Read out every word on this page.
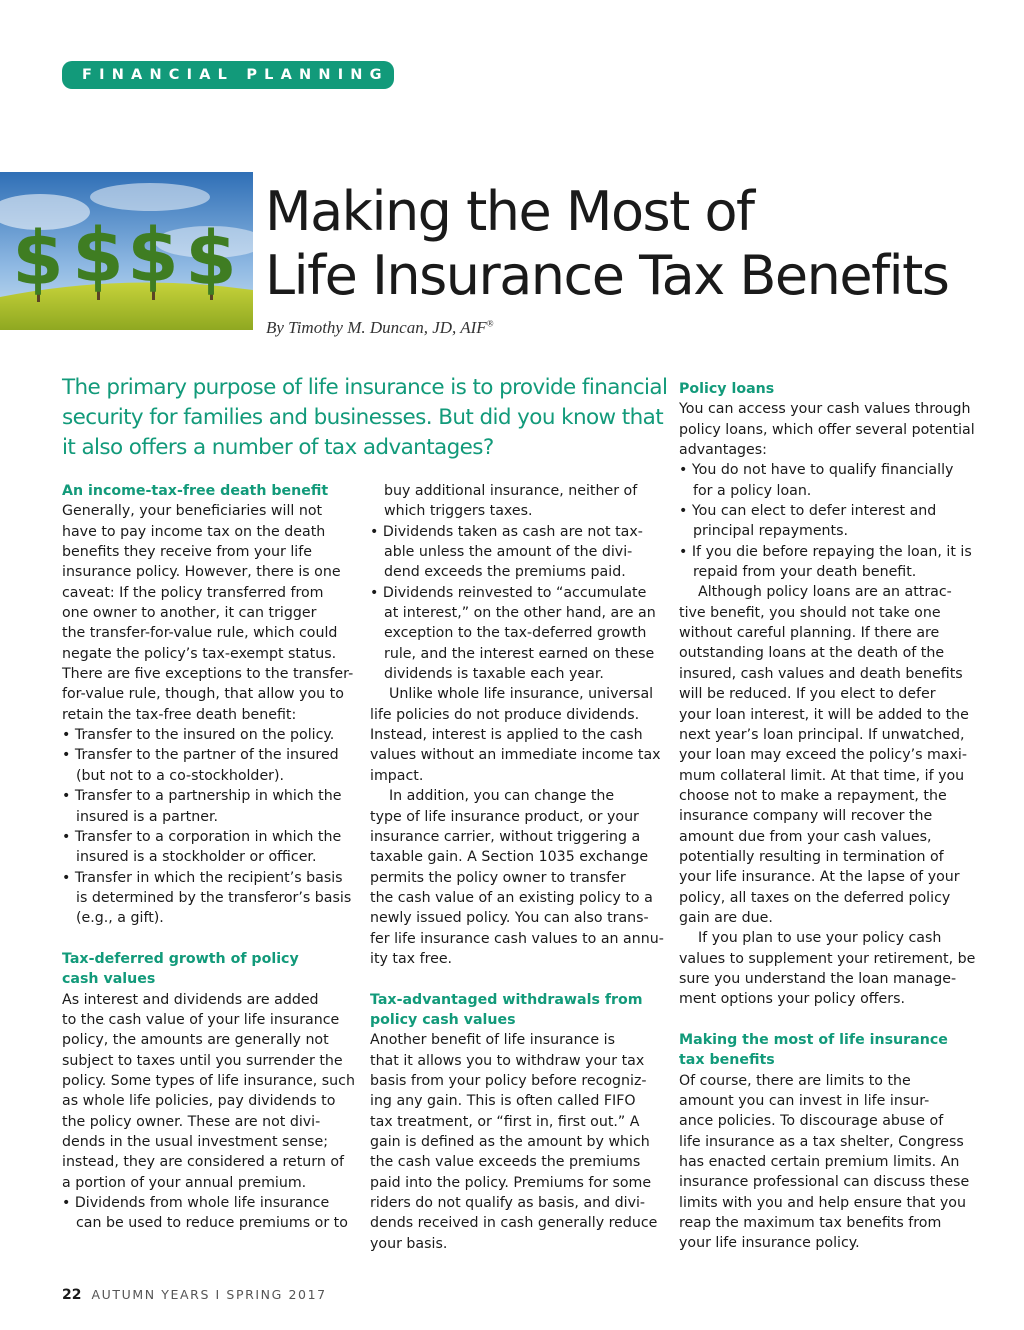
FINANCIAL PLANNING
$ $ $ $
Making the Most of
Life Insurance Tax Benefits
By Timothy M. Duncan, JD, AIF®

The primary purpose of life insurance is to provide financial
security for families and businesses. But did you know that
it also offers a number of tax advantages?

An income-tax-free death benefit
Generally, your beneficiaries will not
have to pay income tax on the death
benefits they receive from your life
insurance policy. However, there is one
caveat: If the policy transferred from
one owner to another, it can trigger
the transfer-for-value rule, which could
negate the policy’s tax-exempt status.
There are five exceptions to the transfer-
for-value rule, though, that allow you to
retain the tax-free death benefit:
• Transfer to the insured on the policy.
• Transfer to the partner of the insured
(but not to a co-stockholder).
• Transfer to a partnership in which the
insured is a partner.
• Transfer to a corporation in which the
insured is a stockholder or officer.
• Transfer in which the recipient’s basis
is determined by the transferor’s basis
(e.g., a gift).
Tax-deferred growth of policy
cash values
As interest and dividends are added
to the cash value of your life insurance
policy, the amounts are generally not
subject to taxes until you surrender the
policy. Some types of life insurance, such
as whole life policies, pay dividends to
the policy owner. These are not divi-
dends in the usual investment sense;
instead, they are considered a return of
a portion of your annual premium.
• Dividends from whole life insurance
can be used to reduce premiums or to
buy additional insurance, neither of
which triggers taxes.
• Dividends taken as cash are not tax-
able unless the amount of the divi-
dend exceeds the premiums paid.
• Dividends reinvested to “accumulate
at interest,” on the other hand, are an
exception to the tax-deferred growth
rule, and the interest earned on these
dividends is taxable each year.
Unlike whole life insurance, universal
life policies do not produce dividends.
Instead, interest is applied to the cash
values without an immediate income tax
impact.
In addition, you can change the
type of life insurance product, or your
insurance carrier, without triggering a
taxable gain. A Section 1035 exchange
permits the policy owner to transfer
the cash value of an existing policy to a
newly issued policy. You can also trans-
fer life insurance cash values to an annu-
ity tax free.
Tax-advantaged withdrawals from
policy cash values
Another benefit of life insurance is
that it allows you to withdraw your tax
basis from your policy before recogniz-
ing any gain. This is often called FIFO
tax treatment, or “first in, first out.” A
gain is defined as the amount by which
the cash value exceeds the premiums
paid into the policy. Premiums for some
riders do not qualify as basis, and divi-
dends received in cash generally reduce
your basis.
Policy loans
You can access your cash values through
policy loans, which offer several potential
advantages:
• You do not have to qualify financially
for a policy loan.
• You can elect to defer interest and
principal repayments.
• If you die before repaying the loan, it is
repaid from your death benefit.
Although policy loans are an attrac-
tive benefit, you should not take one
without careful planning. If there are
outstanding loans at the death of the
insured, cash values and death benefits
will be reduced. If you elect to defer
your loan interest, it will be added to the
next year’s loan principal. If unwatched,
your loan may exceed the policy’s maxi-
mum collateral limit. At that time, if you
choose not to make a repayment, the
insurance company will recover the
amount due from your cash values,
potentially resulting in termination of
your life insurance. At the lapse of your
policy, all taxes on the deferred policy
gain are due.
If you plan to use your policy cash
values to supplement your retirement, be
sure you understand the loan manage-
ment options your policy offers.
Making the most of life insurance
tax benefits
Of course, there are limits to the
amount you can invest in life insur-
ance policies. To discourage abuse of
life insurance as a tax shelter, Congress
has enacted certain premium limits. An
insurance professional can discuss these
limits with you and help ensure that you
reap the maximum tax benefits from
your life insurance policy.
22 AUTUMN YEARS I SPRING 2017
